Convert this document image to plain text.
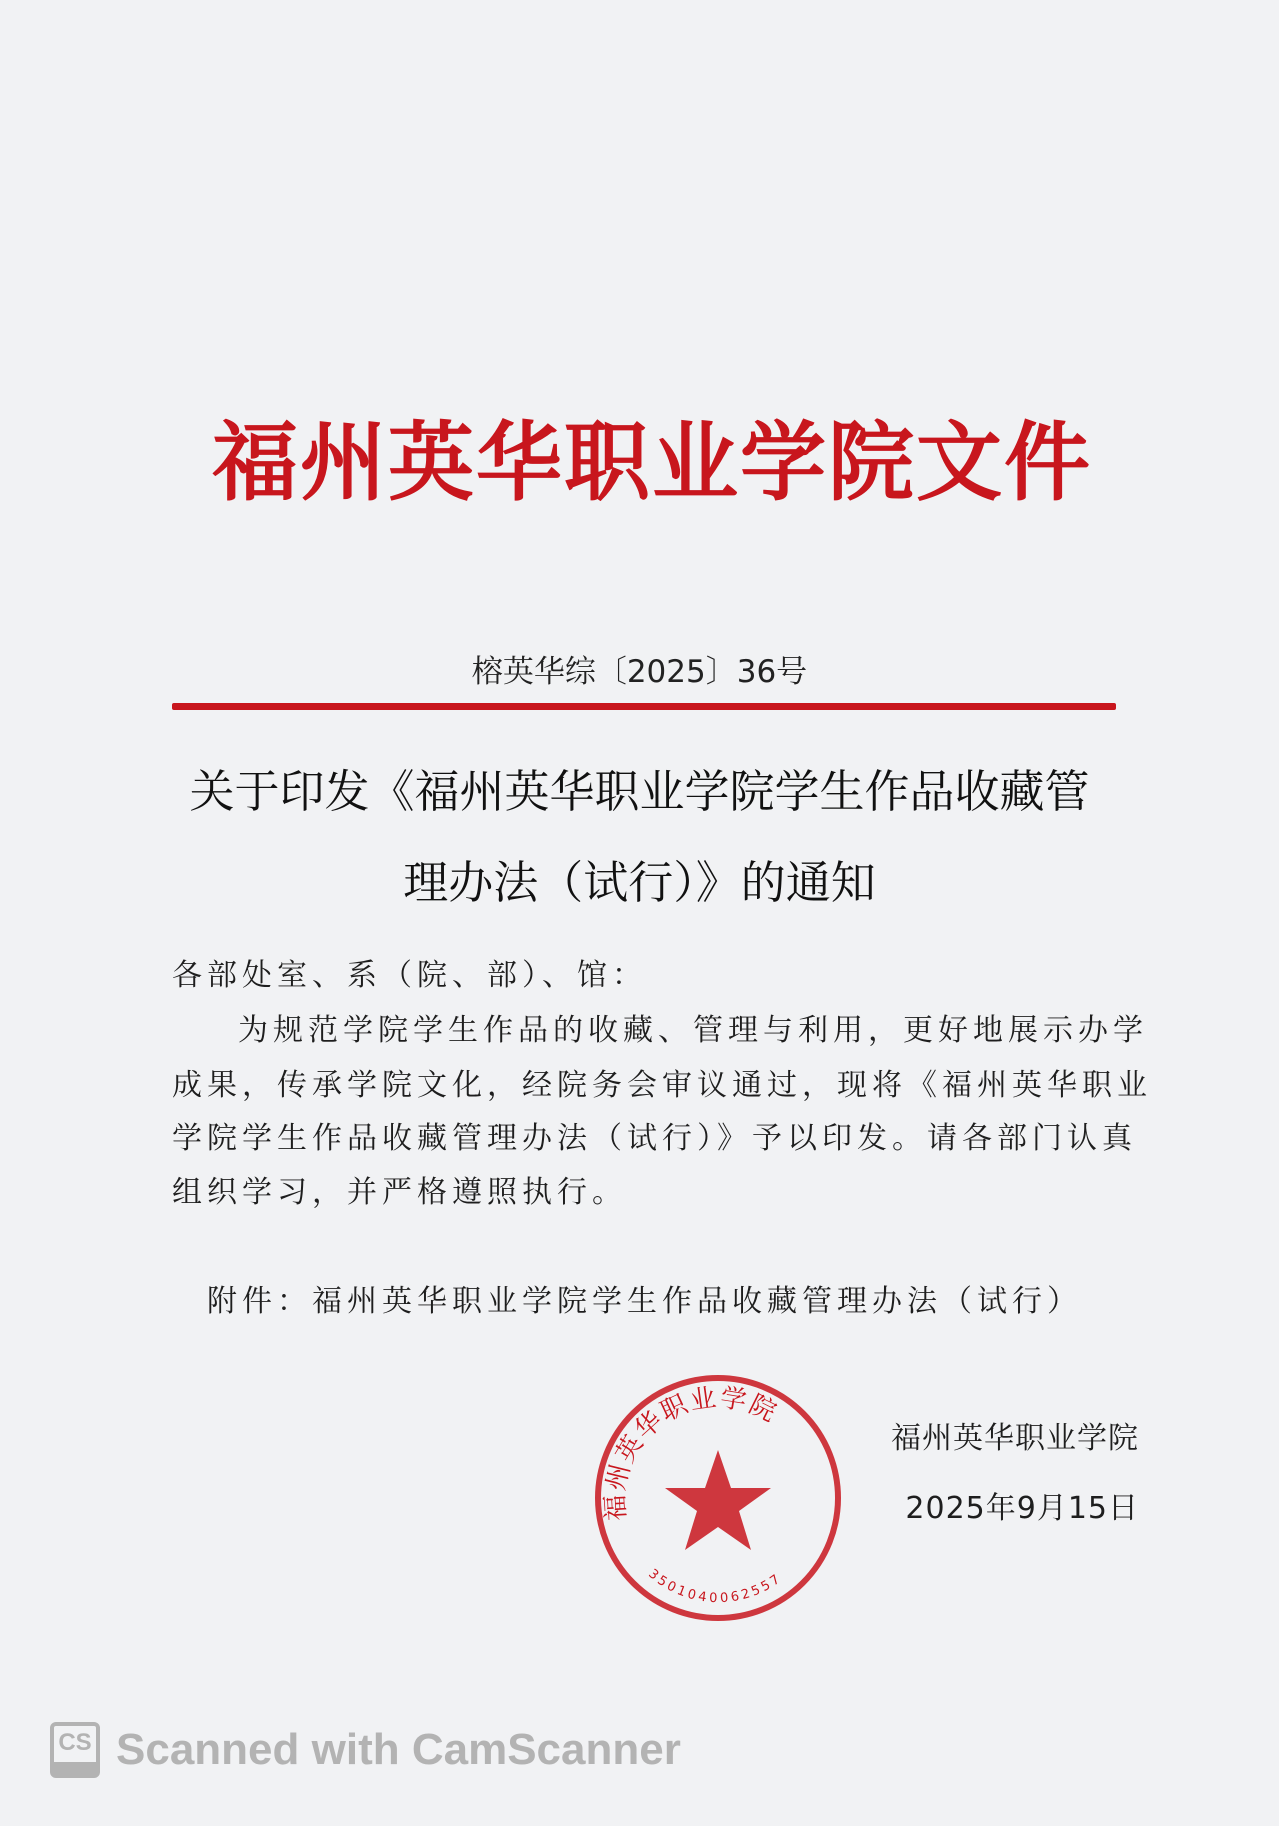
福州英华职业学院文件
榕英华综〔2025〕36号
关于印发《福州英华职业学院学生作品收藏管
理办法（试行）》的通知
各部处室、系（院、部）、馆：
为规范学院学生作品的收藏、管理与利用，更好地展示办学
成果，传承学院文化，经院务会审议通过，现将《福州英华职业
学院学生作品收藏管理办法（试行）》予以印发。请各部门认真
组织学习，并严格遵照执行。
附件：福州英华职业学院学生作品收藏管理办法（试行）
福州英华职业学院
3501040062557
福州英华职业学院
2025年9月15日
CS Scanned with CamScanner
